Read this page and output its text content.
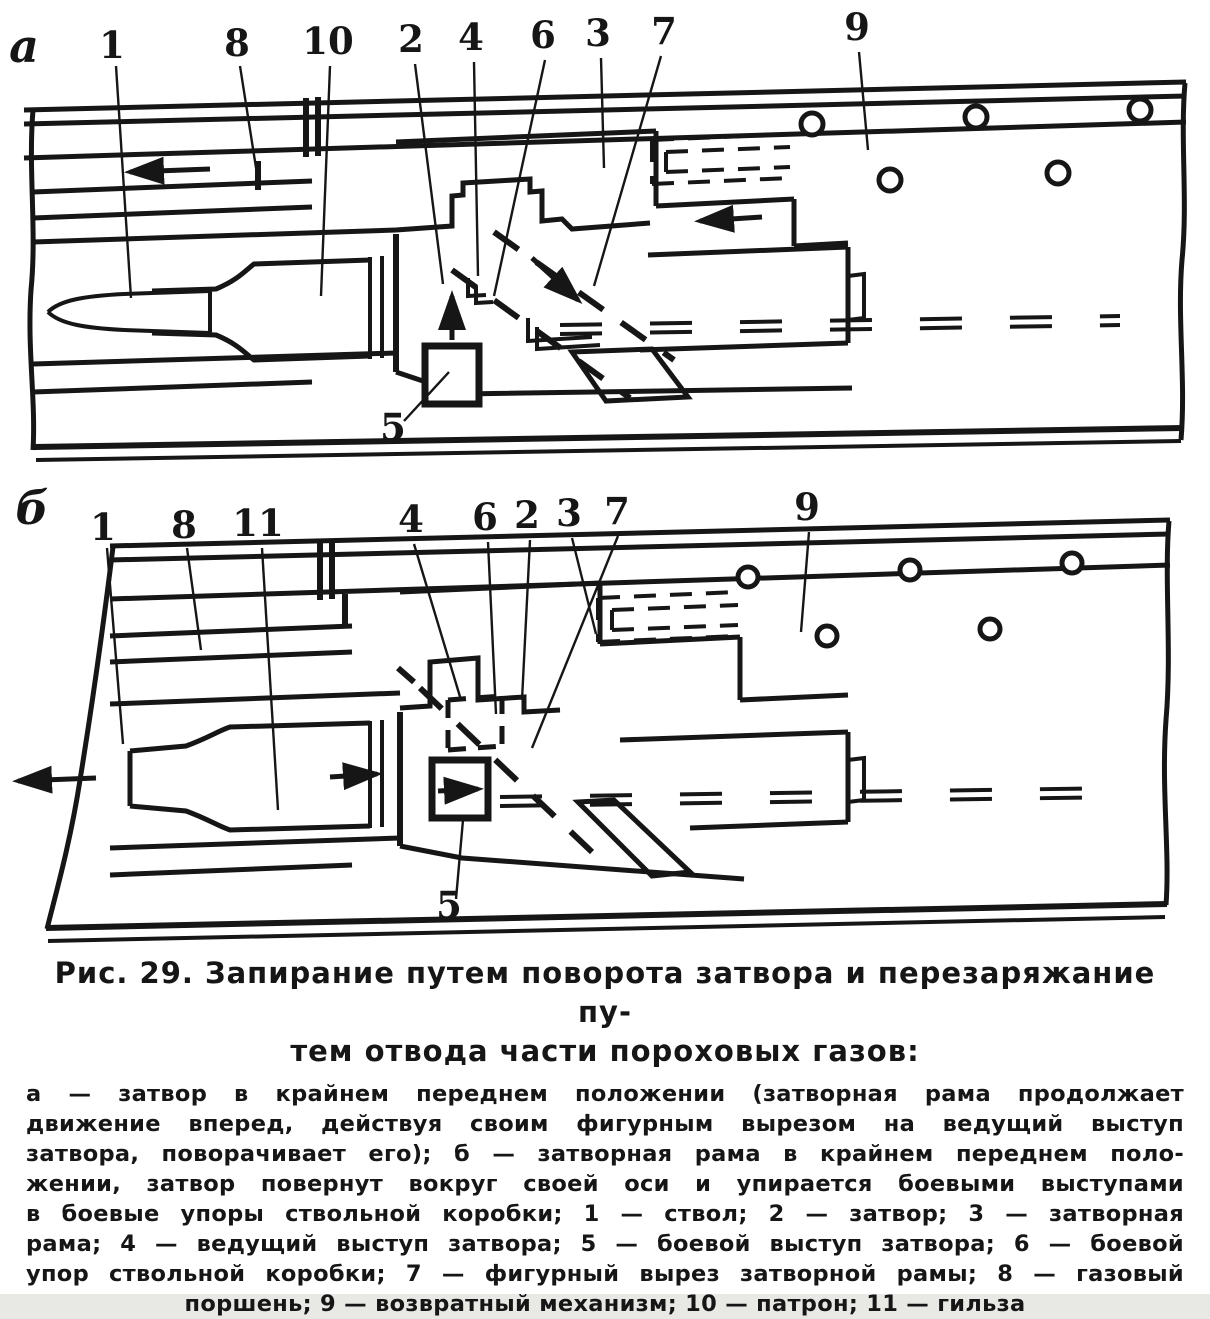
а 1	8 10 2 4 6 3 7	9
5
б 1 8 11	4 6 2 3 7	9
5
Рис. 29. Запирание путем поворота затвора и перезаряжание пу-
тем отвода части пороховых газов:
а — затвор в крайнем переднем положении (затворная рама продолжает
движение вперед, действуя своим фигурным вырезом на ведущий выступ
затвора, поворачивает его); б — затворная рама в крайнем переднем поло-
жении, затвор повернут вокруг своей оси и упирается боевыми выступами
в боевые упоры ствольной коробки; 1 — ствол; 2 — затвор; 3 — затворная
рама; 4 — ведущий выступ затвора; 5 — боевой выступ затвора; 6 — боевой
упор ствольной коробки; 7 — фигурный вырез затворной рамы; 8 — газовый
поршень; 9 — возвратный механизм; 10 — патрон; 11 — гильза
